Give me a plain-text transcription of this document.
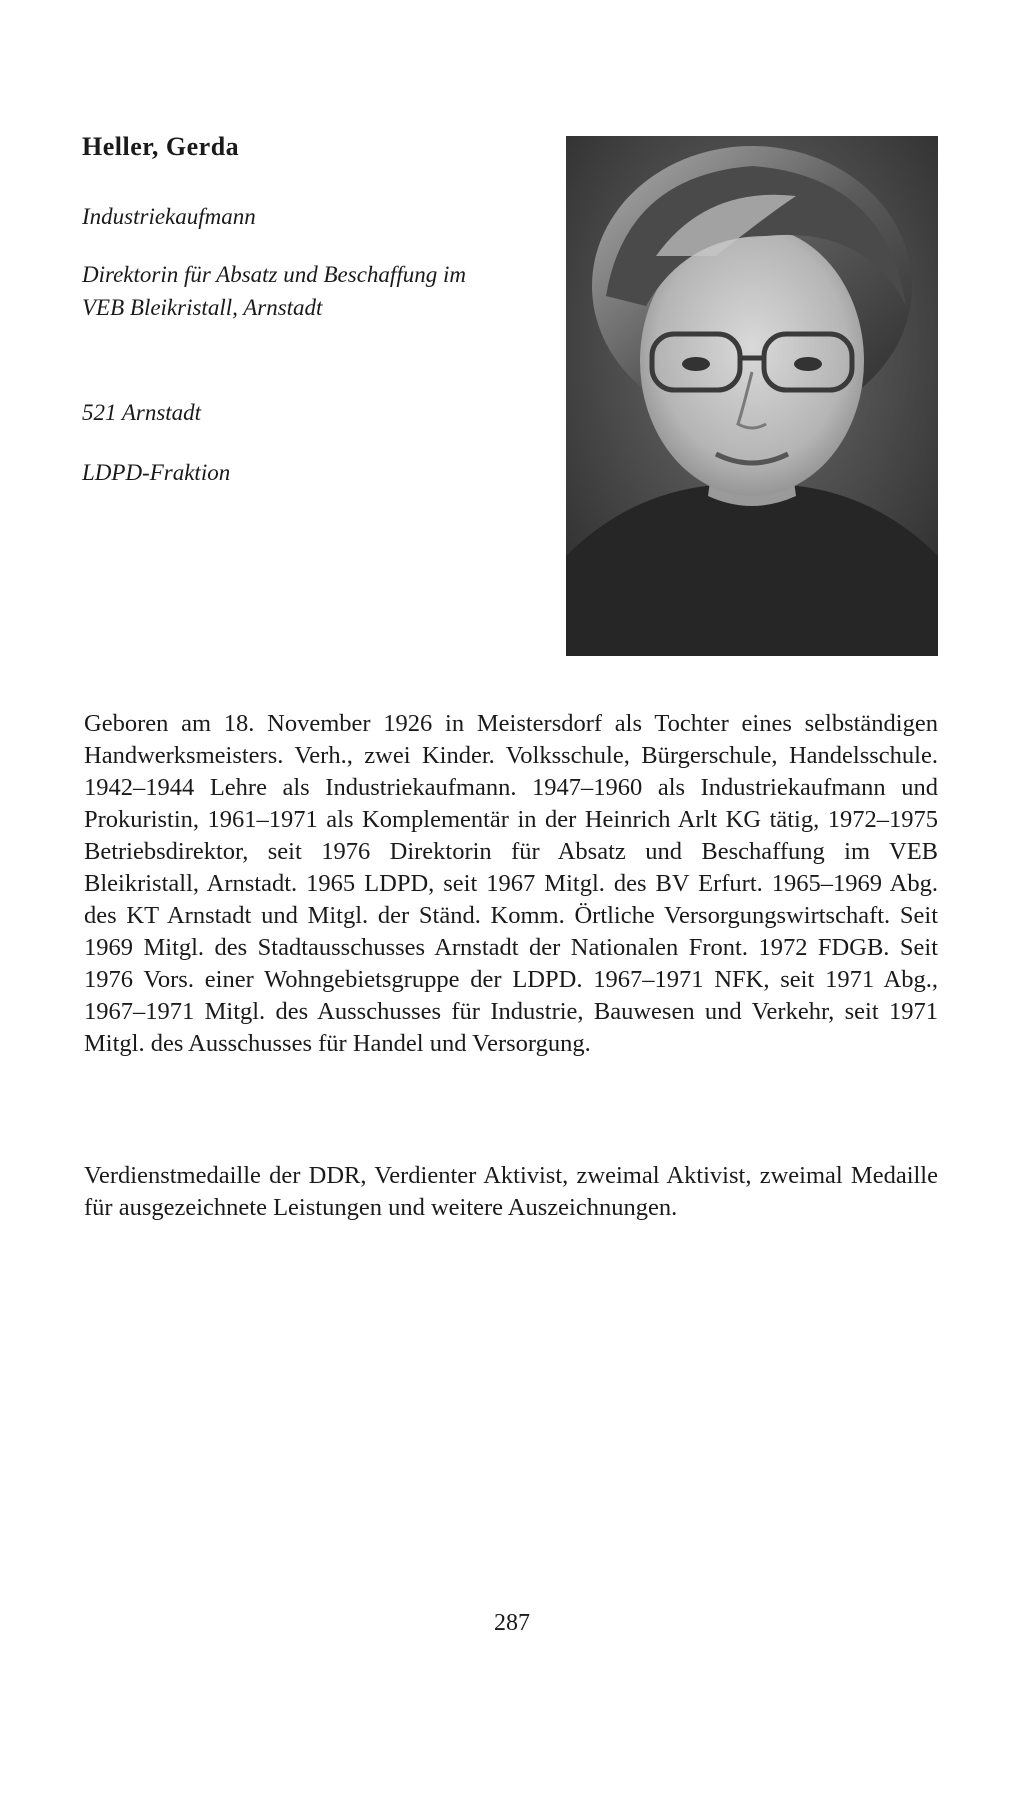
Heller, Gerda

Industriekaufmann

Direktorin für Absatz und Beschaffung im VEB Bleikristall, Arnstadt

521 Arnstadt

LDPD-Fraktion

Geboren am 18. November 1926 in Meistersdorf als Tochter eines selbständigen Handwerksmeisters. Verh., zwei Kinder. Volksschule, Bürgerschule, Handelsschule. 1942–1944 Lehre als Industriekaufmann. 1947–1960 als Industriekaufmann und Prokuristin, 1961–1971 als Komplementär in der Heinrich Arlt KG tätig, 1972–1975 Betriebsdirektor, seit 1976 Direktorin für Absatz und Beschaffung im VEB Bleikristall, Arnstadt. 1965 LDPD, seit 1967 Mitgl. des BV Erfurt. 1965–1969 Abg. des KT Arnstadt und Mitgl. der Ständ. Komm. Örtliche Versorgungswirtschaft. Seit 1969 Mitgl. des Stadtausschusses Arnstadt der Nationalen Front. 1972 FDGB. Seit 1976 Vors. einer Wohngebietsgruppe der LDPD. 1967–1971 NFK, seit 1971 Abg., 1967–1971 Mitgl. des Ausschusses für Industrie, Bauwesen und Verkehr, seit 1971 Mitgl. des Ausschusses für Handel und Versorgung.

Verdienstmedaille der DDR, Verdienter Aktivist, zweimal Aktivist, zweimal Medaille für ausgezeichnete Leistungen und weitere Auszeichnungen.

287
